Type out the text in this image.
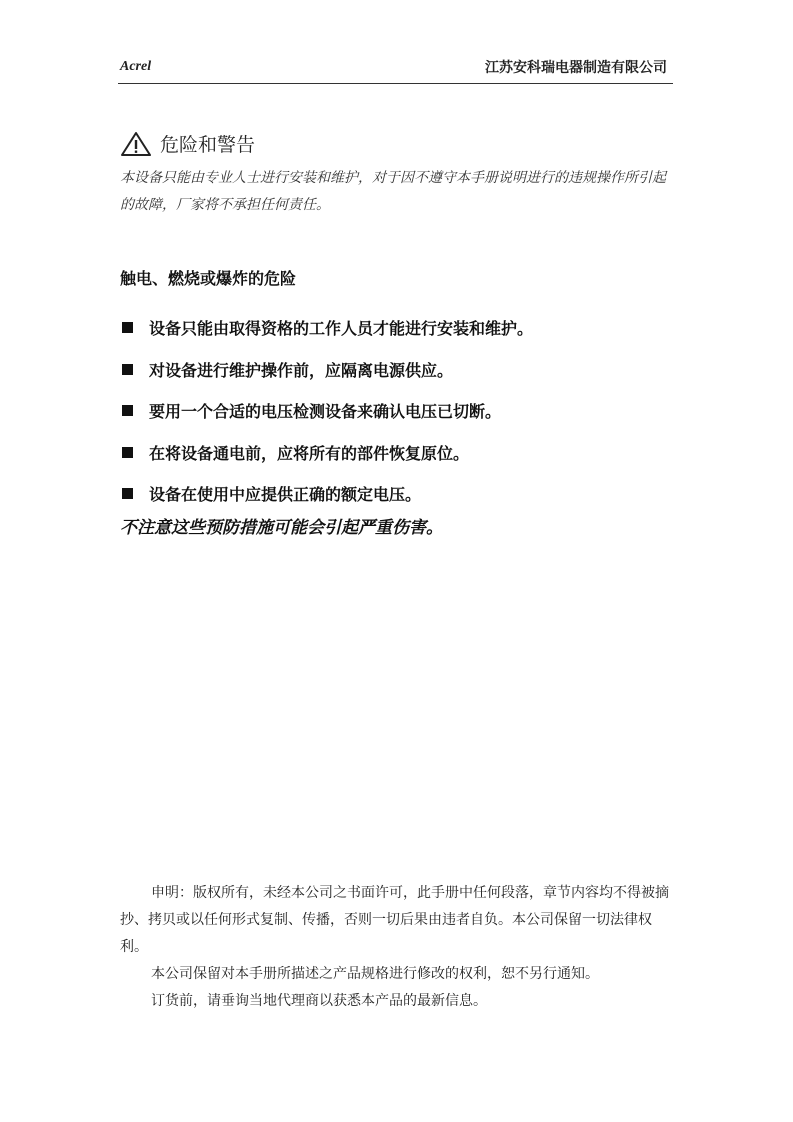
Acrel	江苏安科瑞电器制造有限公司
危险和警告
本设备只能由专业人士进行安装和维护，对于因不遵守本手册说明进行的违规操作所引起的故障，厂家将不承担任何责任。
触电、燃烧或爆炸的危险
设备只能由取得资格的工作人员才能进行安装和维护。
对设备进行维护操作前，应隔离电源供应。
要用一个合适的电压检测设备来确认电压已切断。
在将设备通电前，应将所有的部件恢复原位。
设备在使用中应提供正确的额定电压。
不注意这些预防措施可能会引起严重伤害。

申明：版权所有，未经本公司之书面许可，此手册中任何段落，章节内容均不得被摘抄、拷贝或以任何形式复制、传播，否则一切后果由违者自负。本公司保留一切法律权利。

本公司保留对本手册所描述之产品规格进行修改的权利，恕不另行通知。

订货前，请垂询当地代理商以获悉本产品的最新信息。
